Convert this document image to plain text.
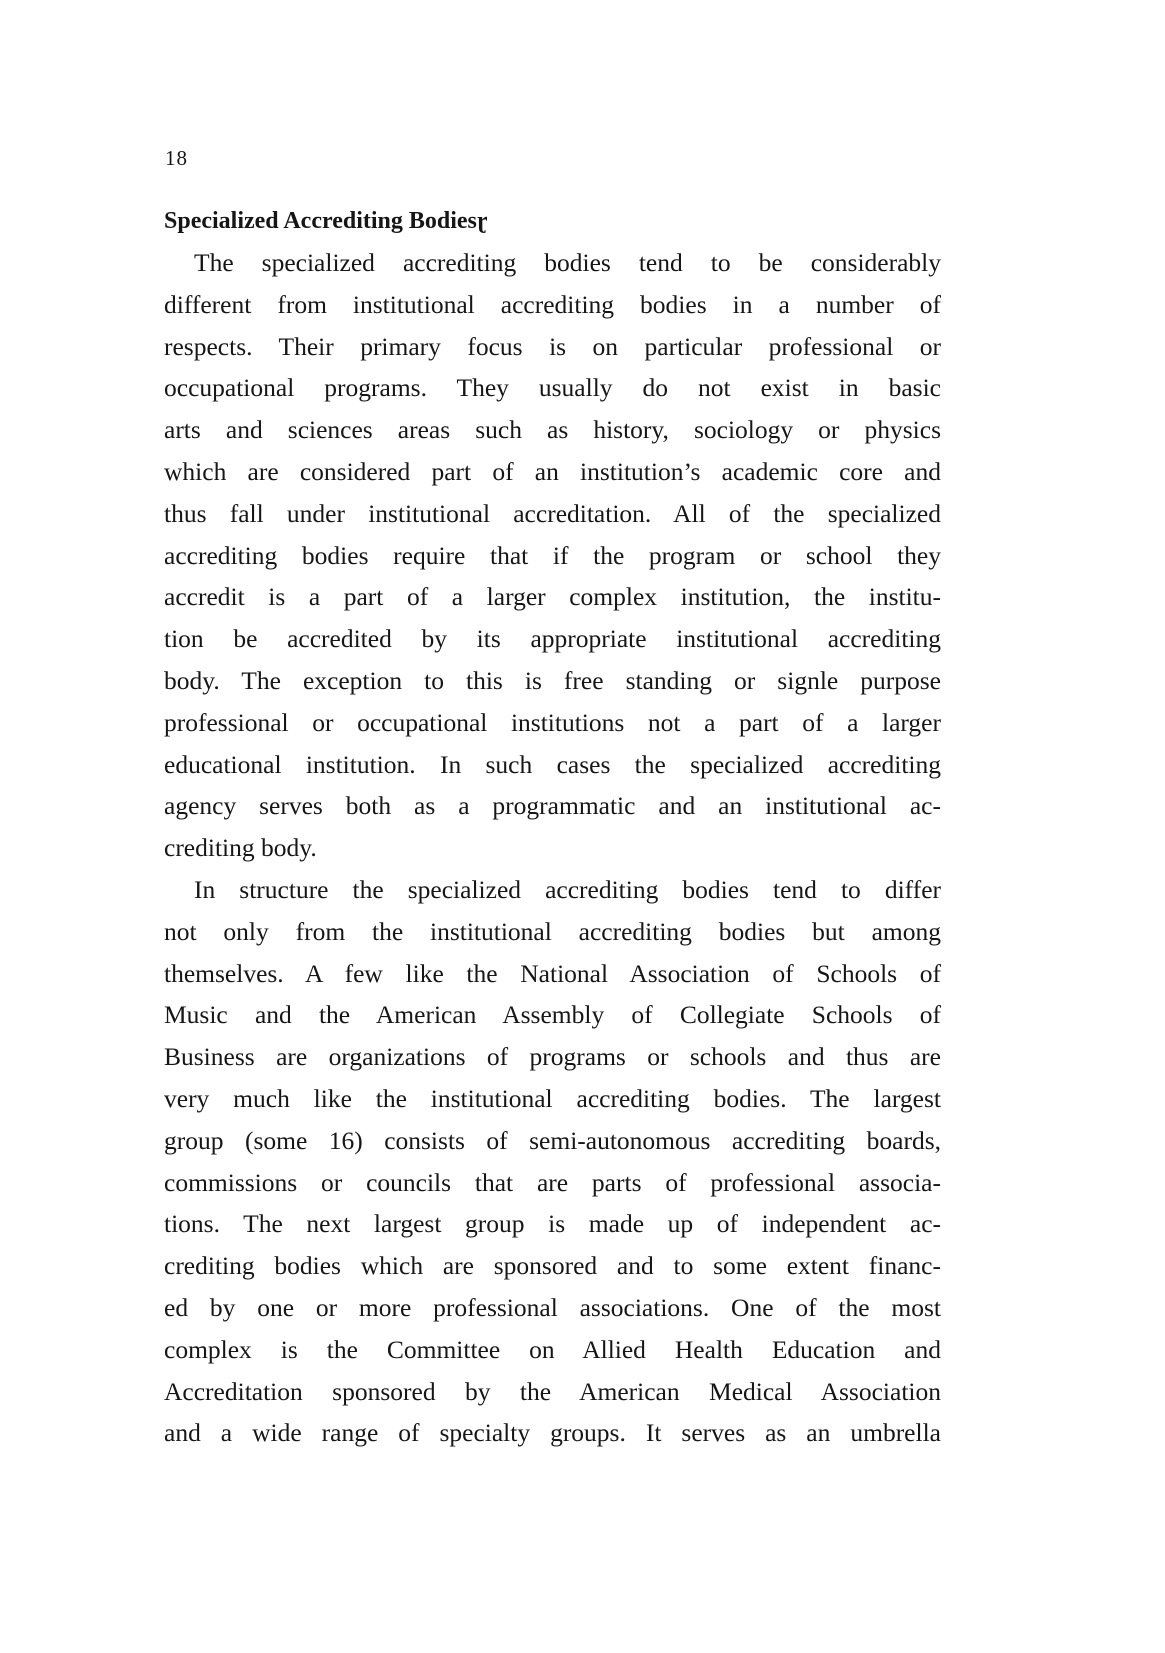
18
Specialized Accrediting Bodiesɽ
The specialized accrediting bodies tend to be considerably
different from institutional accrediting bodies in a number of
respects. Their primary focus is on particular professional or
occupational programs. They usually do not exist in basic
arts and sciences areas such as history, sociology or physics
which are considered part of an institution’s academic core and
thus fall under institutional accreditation. All of the specialized
accrediting bodies require that if the program or school they
accredit is a part of a larger complex institution, the institu-
tion be accredited by its appropriate institutional accrediting
body. The exception to this is free standing or signle purpose
professional or occupational institutions not a part of a larger
educational institution. In such cases the specialized accrediting
agency serves both as a programmatic and an institutional ac-
crediting body.
In structure the specialized accrediting bodies tend to differ
not only from the institutional accrediting bodies but among
themselves. A few like the National Association of Schools of
Music and the American Assembly of Collegiate Schools of
Business are organizations of programs or schools and thus are
very much like the institutional accrediting bodies. The largest
group (some 16) consists of semi-autonomous accrediting boards,
commissions or councils that are parts of professional associa-
tions. The next largest group is made up of independent ac-
crediting bodies which are sponsored and to some extent financ-
ed by one or more professional associations. One of the most
complex is the Committee on Allied Health Education and
Accreditation sponsored by the American Medical Association
and a wide range of specialty groups. It serves as an umbrella
